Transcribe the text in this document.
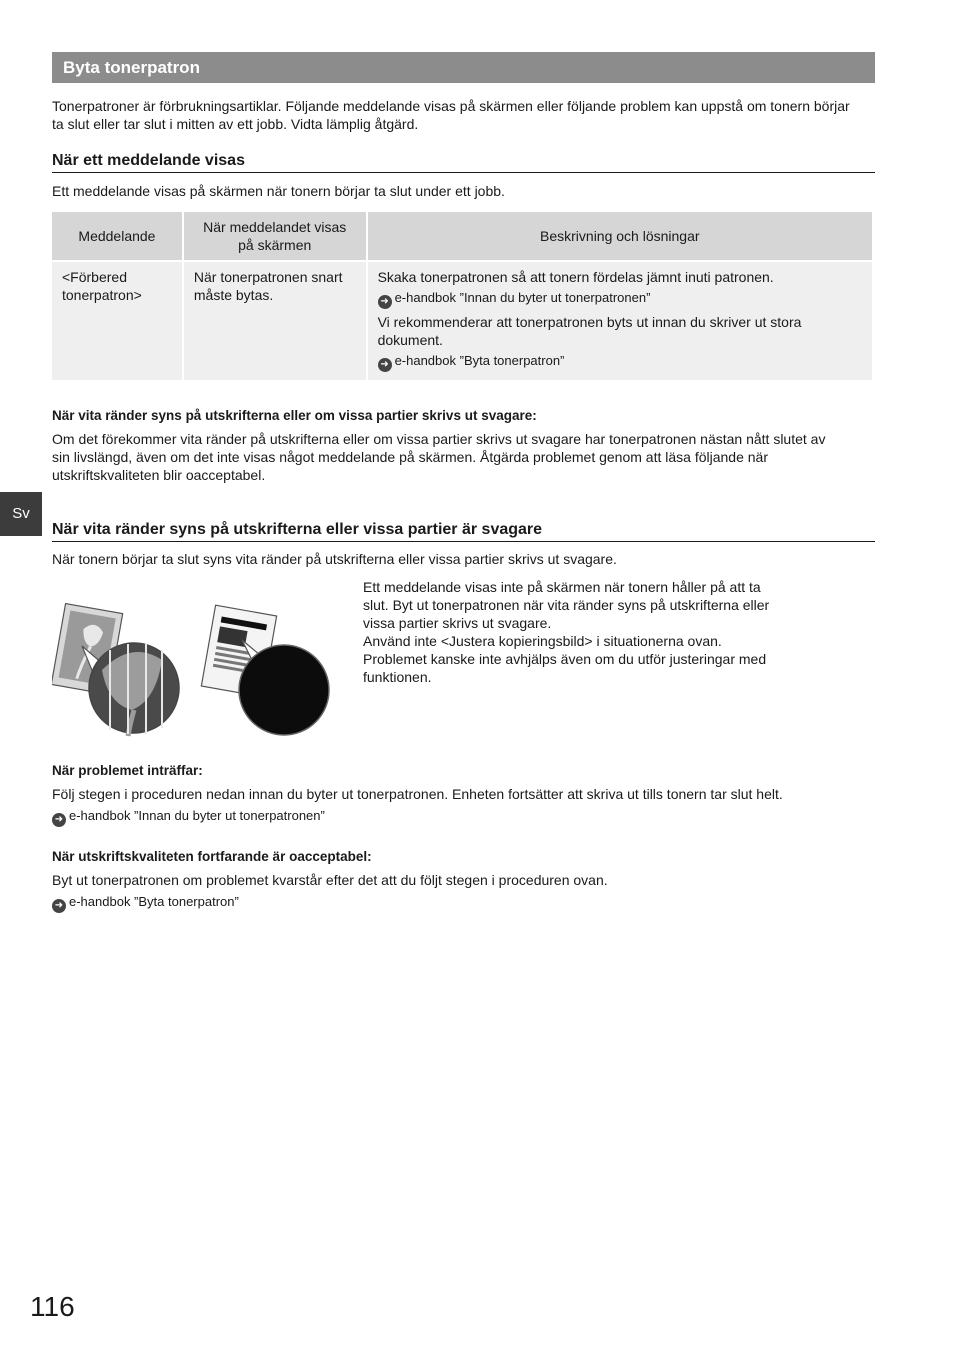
Byta tonerpatron
Tonerpatroner är förbrukningsartiklar. Följande meddelande visas på skärmen eller följande problem kan uppstå om tonern börjar ta slut eller tar slut i mitten av ett jobb. Vidta lämplig åtgärd.
När ett meddelande visas
Ett meddelande visas på skärmen när tonern börjar ta slut under ett jobb.
Meddelande	När meddelandet visas på skärmen	Beskrivning och lösningar
<Förbered tonerpatron>	När tonerpatronen snart måste bytas.	Skaka tonerpatronen så att tonern fördelas jämnt inuti patronen.
➜ e-handbok ”Innan du byter ut tonerpatronen”
Vi rekommenderar att tonerpatronen byts ut innan du skriver ut stora dokument.
➜ e-handbok ”Byta tonerpatron”
När vita ränder syns på utskrifterna eller om vissa partier skrivs ut svagare:
Om det förekommer vita ränder på utskrifterna eller om vissa partier skrivs ut svagare har tonerpatronen nästan nått slutet av sin livslängd, även om det inte visas något meddelande på skärmen. Åtgärda problemet genom att läsa följande när utskriftskvaliteten blir oacceptabel.
Sv
När vita ränder syns på utskrifterna eller vissa partier är svagare
När tonern börjar ta slut syns vita ränder på utskrifterna eller vissa partier skrivs ut svagare.
Ett meddelande visas inte på skärmen när tonern håller på att ta slut. Byt ut tonerpatronen när vita ränder syns på utskrifterna eller vissa partier skrivs ut svagare.
Använd inte <Justera kopieringsbild> i situationerna ovan. Problemet kanske inte avhjälps även om du utför justeringar med funktionen.
När problemet inträffar:
Följ stegen i proceduren nedan innan du byter ut tonerpatronen. Enheten fortsätter att skriva ut tills tonern tar slut helt.
➜ e-handbok ”Innan du byter ut tonerpatronen”
När utskriftskvaliteten fortfarande är oacceptabel:
Byt ut tonerpatronen om problemet kvarstår efter det att du följt stegen i proceduren ovan.
➜ e-handbok ”Byta tonerpatron”
116
